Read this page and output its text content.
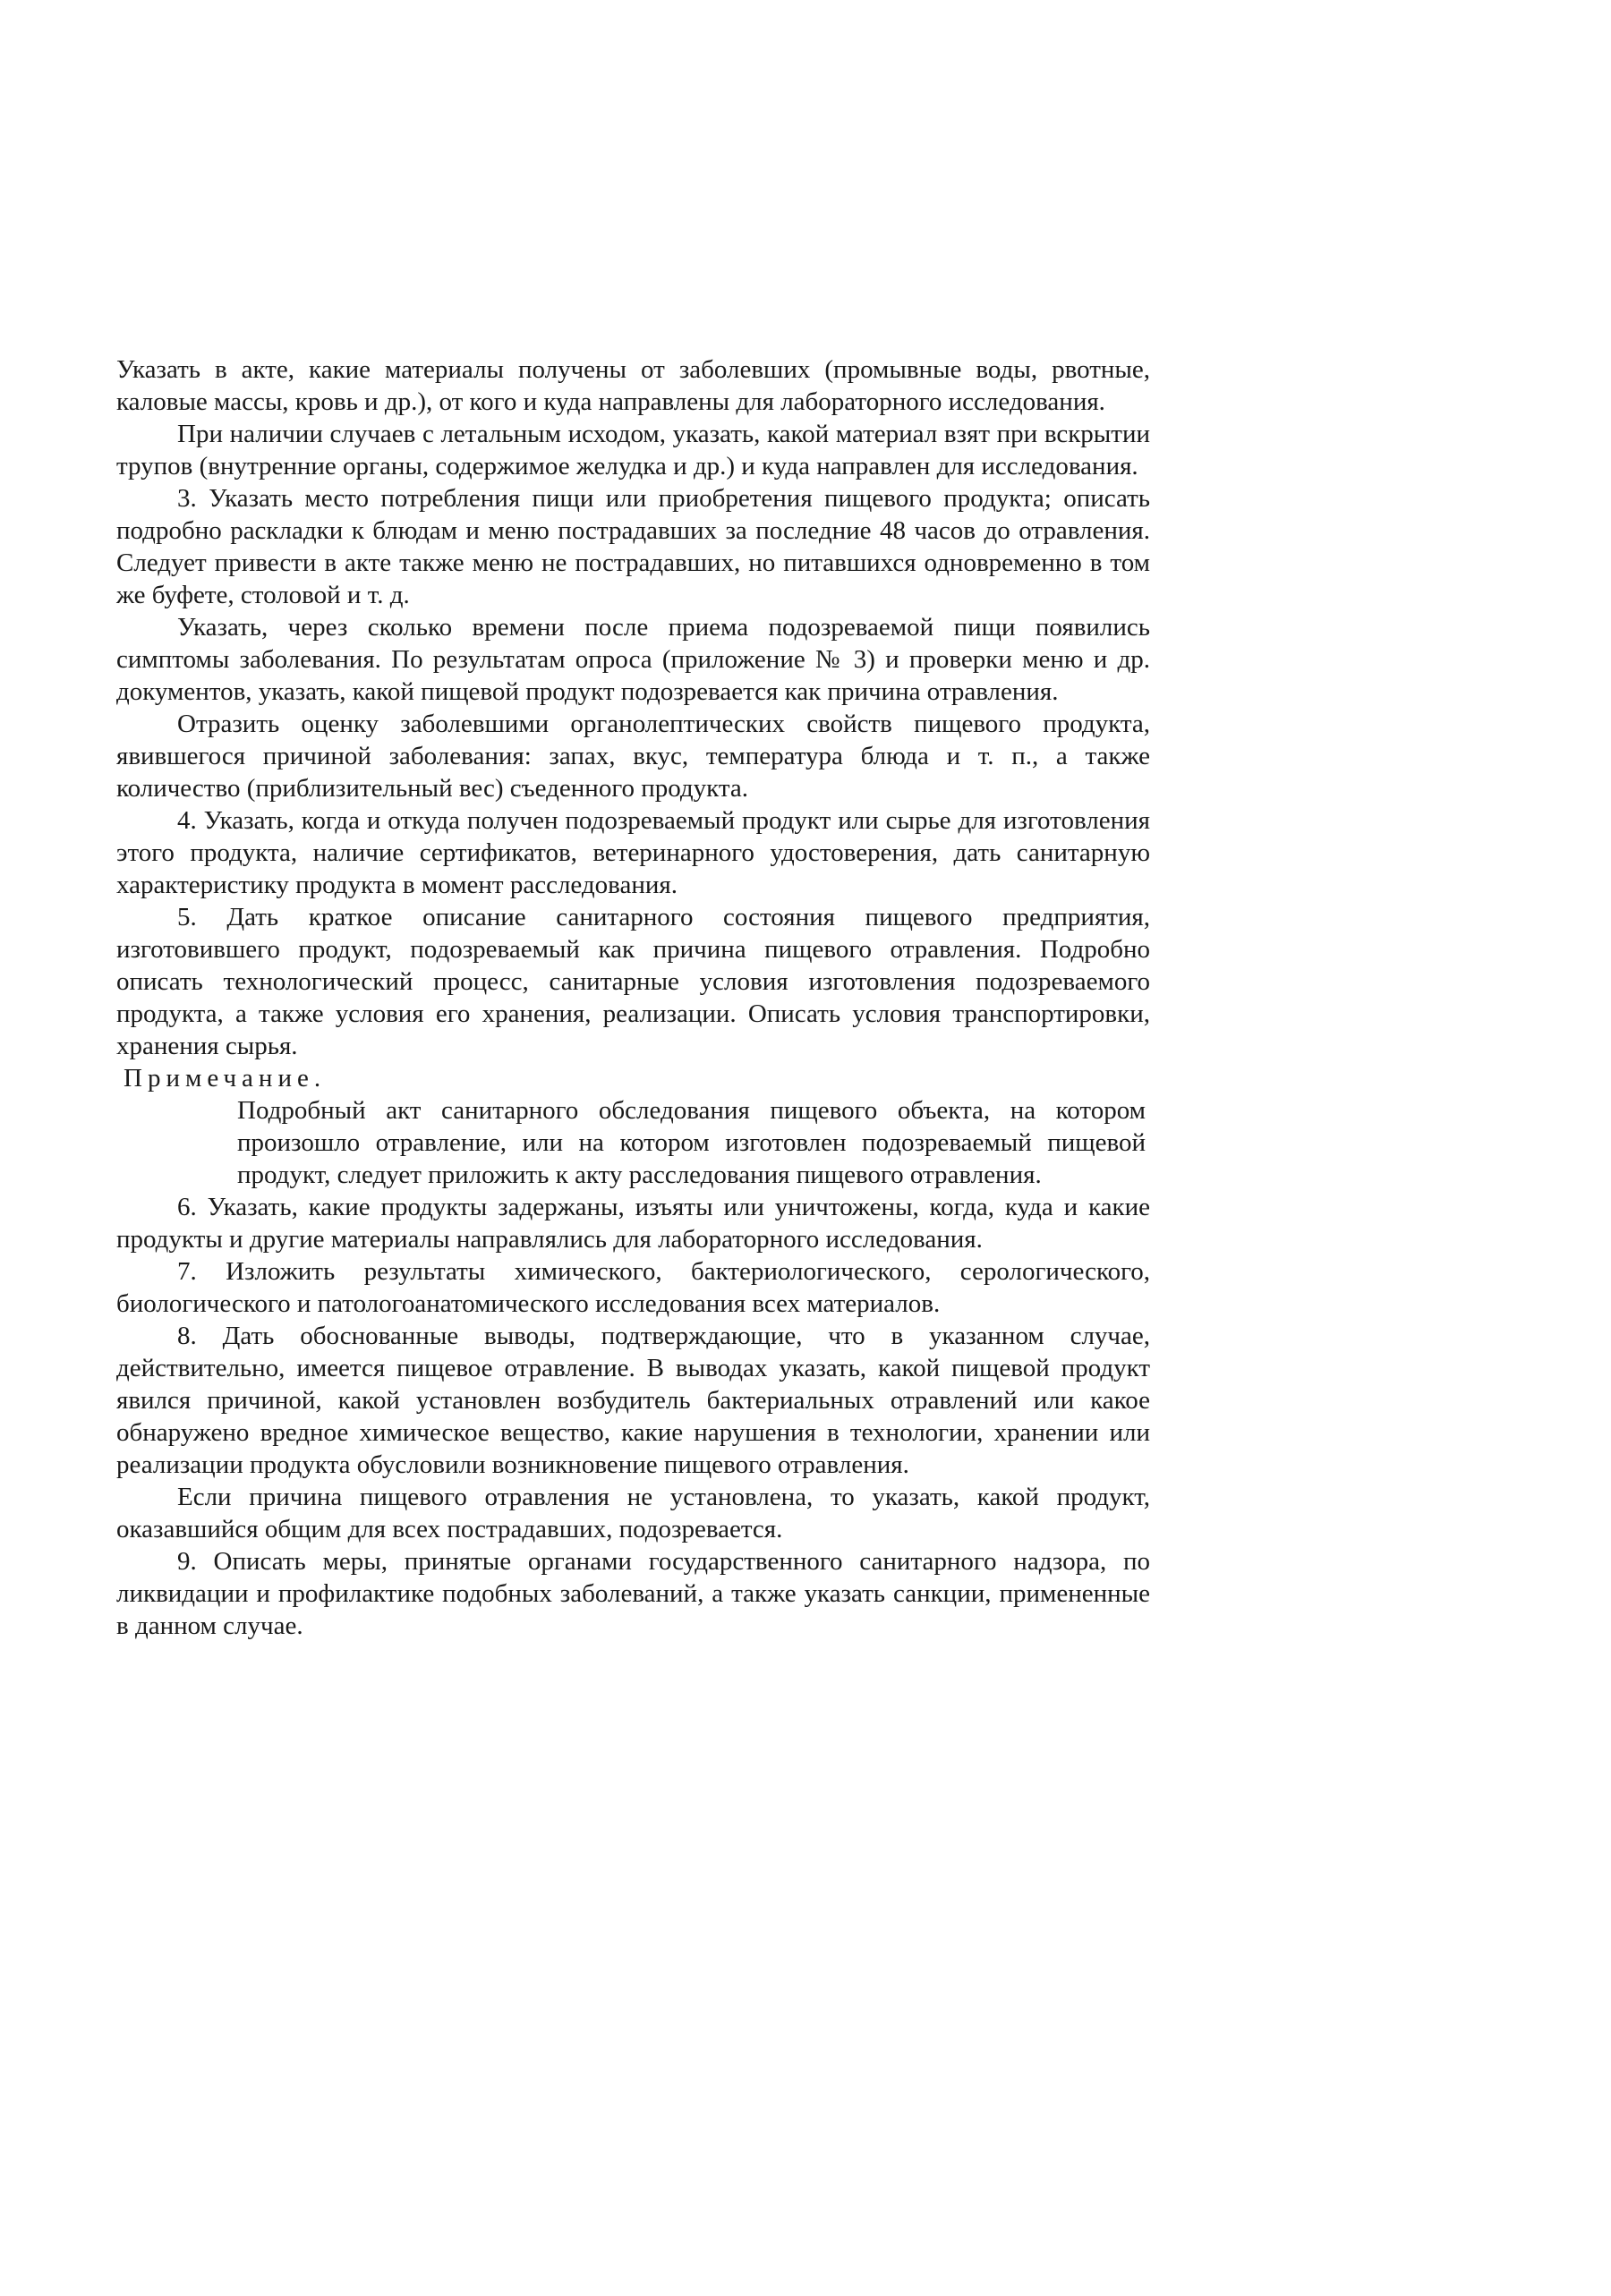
Указать в акте, какие материалы получены от заболевших (промывные воды, рвотные, каловые массы, кровь и др.), от кого и куда направлены для лабораторного исследования.

При наличии случаев с летальным исходом, указать, какой материал взят при вскрытии трупов (внутренние органы, содержимое желудка и др.) и куда направлен для исследования.

3. Указать место потребления пищи или приобретения пищевого продукта; описать подробно раскладки к блюдам и меню пострадавших за последние 48 часов до отравления. Следует привести в акте также меню не пострадавших, но питавшихся одновременно в том же буфете, столовой и т. д.

Указать, через сколько времени после приема подозреваемой пищи появились симптомы заболевания. По результатам опроса (приложение № 3) и проверки меню и др. документов, указать, какой пищевой продукт подозревается как причина отравления.

Отразить оценку заболевшими органолептических свойств пищевого продукта, явившегося причиной заболевания: запах, вкус, температура блюда и т. п., а также количество (приблизительный вес) съеденного продукта.

4. Указать, когда и откуда получен подозреваемый продукт или сырье для изготовления этого продукта, наличие сертификатов, ветеринарного удостоверения, дать санитарную характеристику продукта в момент расследования.

5. Дать краткое описание санитарного состояния пищевого предприятия, изготовившего продукт, подозреваемый как причина пищевого отравления. Подробно описать технологический процесс, санитарные условия изготовления подозреваемого продукта, а также условия его хранения, реализации. Описать условия транспортировки, хранения сырья.

Примечание.

Подробный акт санитарного обследования пищевого объекта, на котором произошло отравление, или на котором изготовлен подозреваемый пищевой продукт, следует приложить к акту расследования пищевого отравления.

6. Указать, какие продукты задержаны, изъяты или уничтожены, когда, куда и какие продукты и другие материалы направлялись для лабораторного исследования.

7. Изложить результаты химического, бактериологического, серологического, биологического и патологоанатомического исследования всех материалов.

8. Дать обоснованные выводы, подтверждающие, что в указанном случае, действительно, имеется пищевое отравление. В выводах указать, какой пищевой продукт явился причиной, какой установлен возбудитель бактериальных отравлений или какое обнаружено вредное химическое вещество, какие нарушения в технологии, хранении или реализации продукта обусловили возникновение пищевого отравления.

Если причина пищевого отравления не установлена, то указать, какой продукт, оказавшийся общим для всех пострадавших, подозревается.

9. Описать меры, принятые органами государственного санитарного надзора, по ликвидации и профилактике подобных заболеваний, а также указать санкции, примененные в данном случае.
